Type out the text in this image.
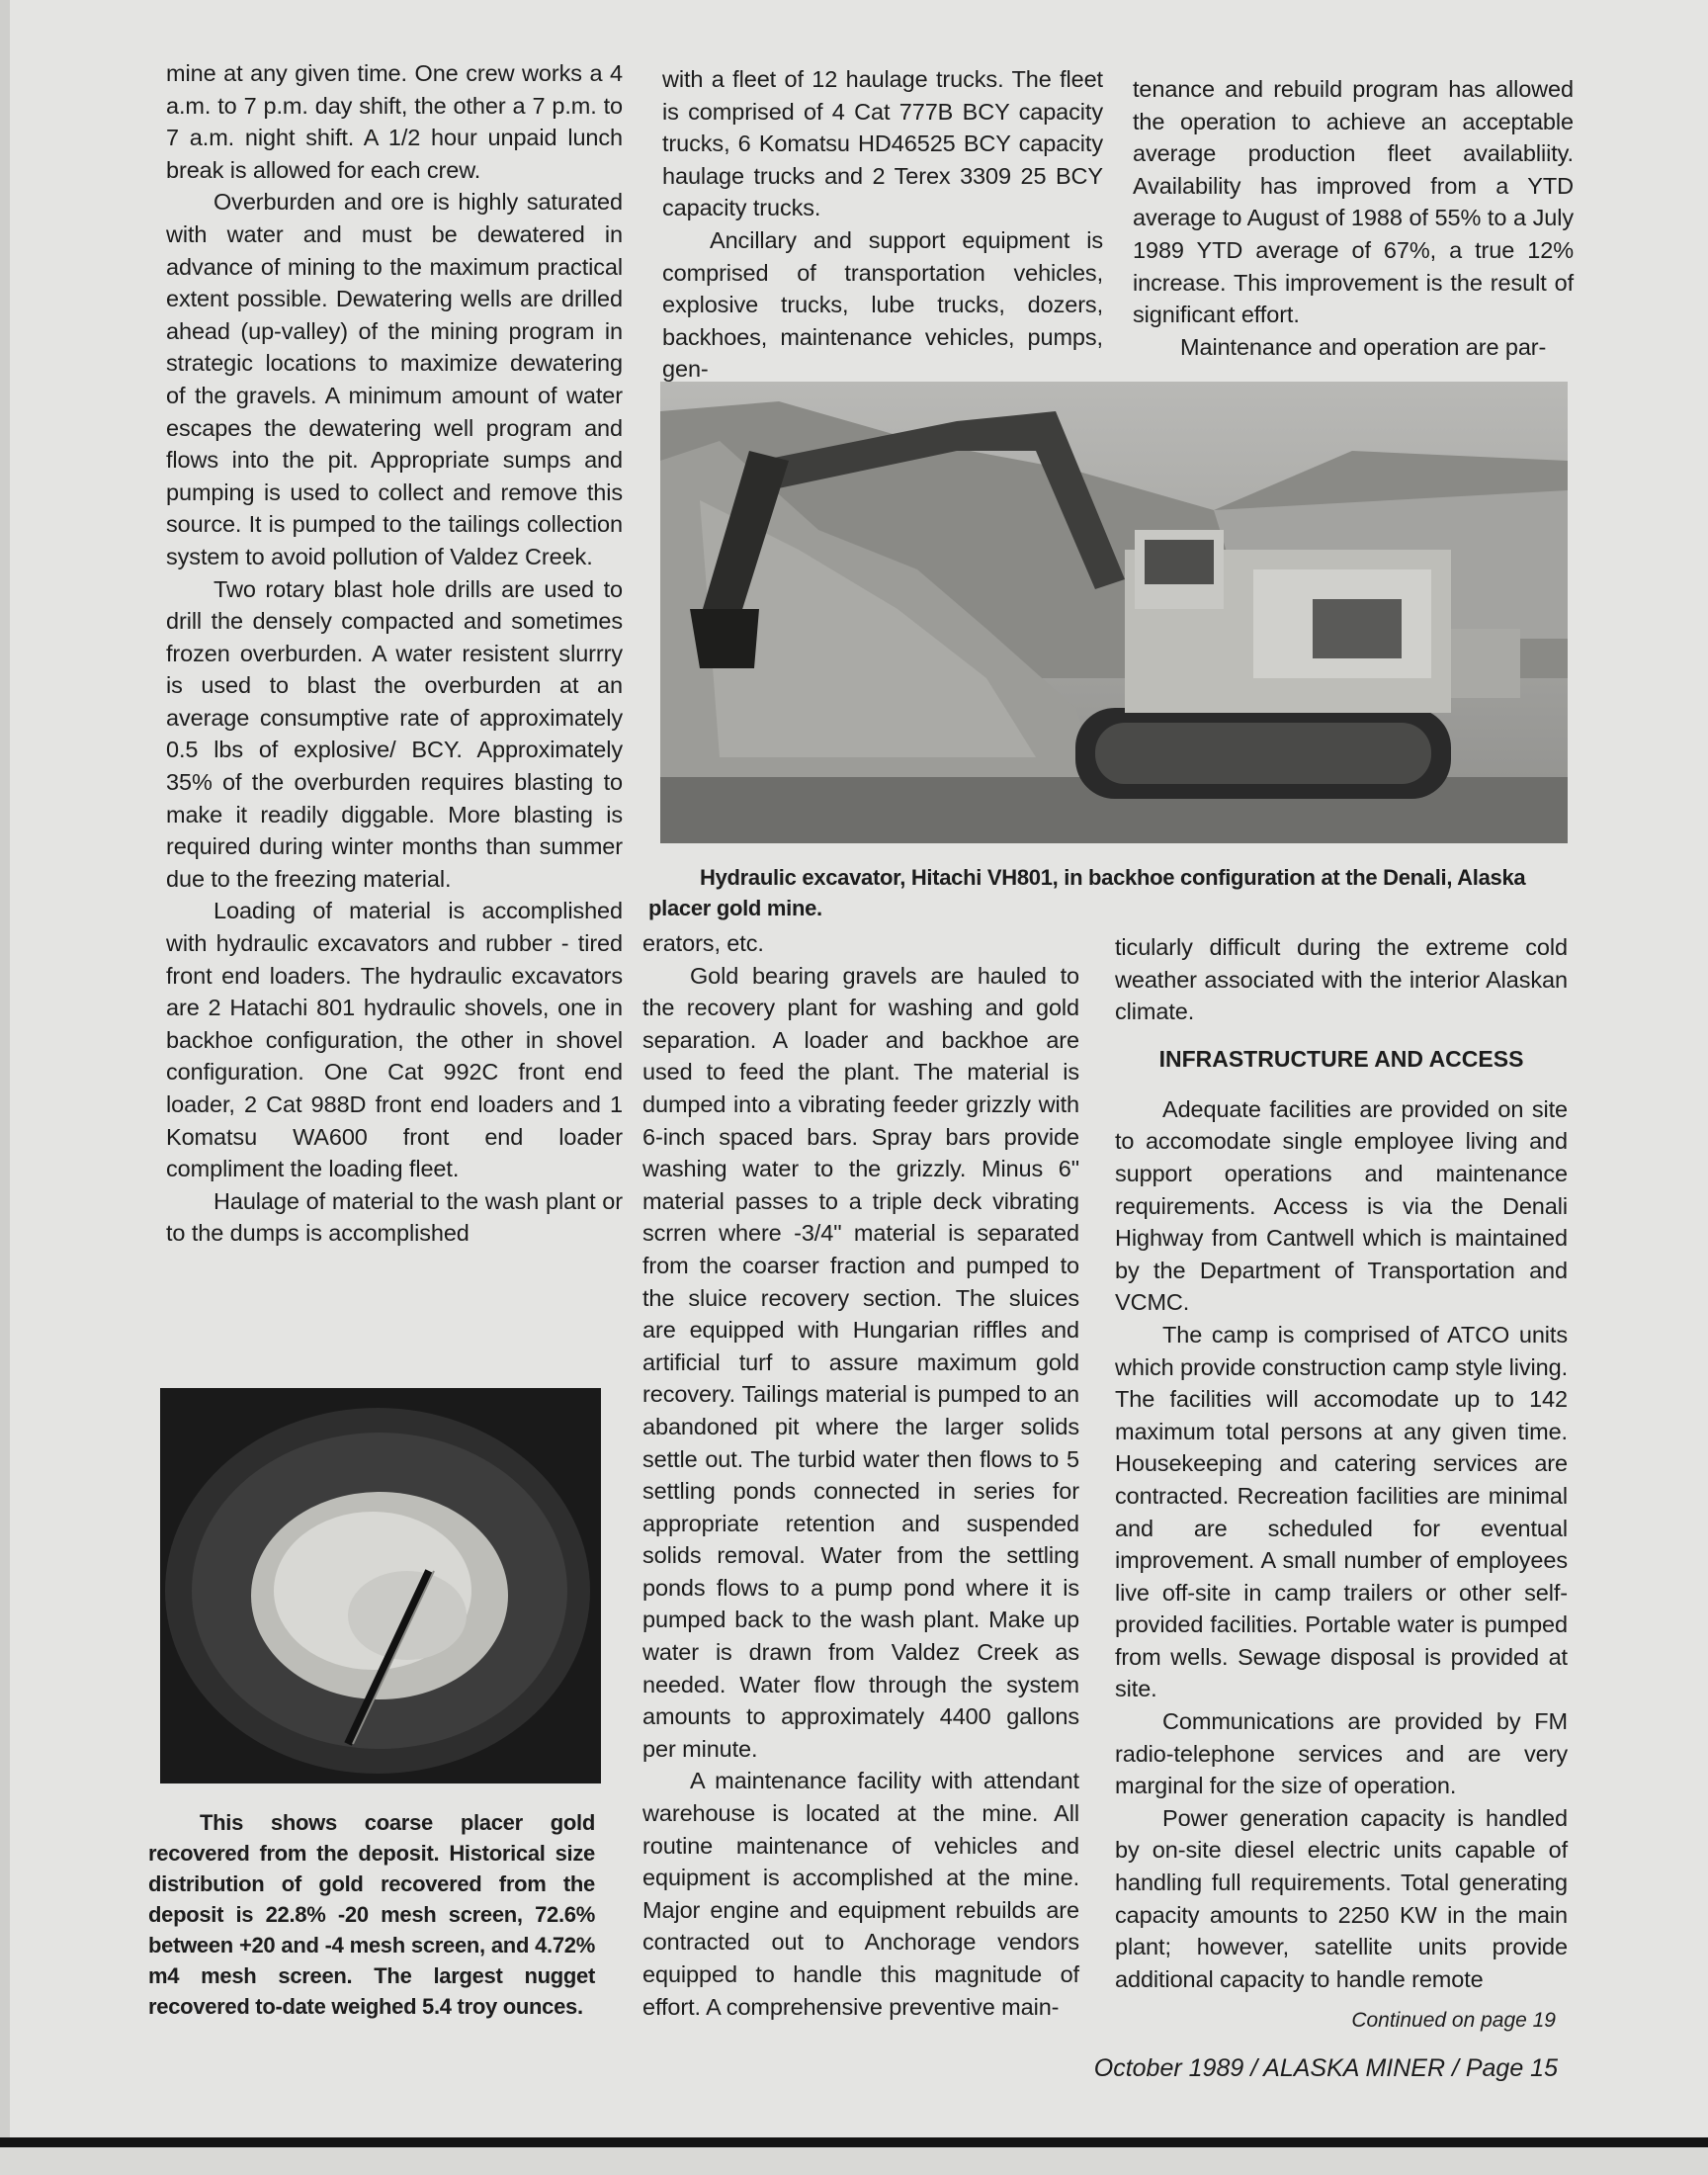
mine at any given time. One crew works a 4 a.m. to 7 p.m. day shift, the other a 7 p.m. to 7 a.m. night shift. A 1/2 hour unpaid lunch break is allowed for each crew.

Overburden and ore is highly saturated with water and must be dewatered in advance of mining to the maximum practical extent possible. Dewatering wells are drilled ahead (up-valley) of the mining program in strategic locations to maximize dewatering of the gravels. A minimum amount of water escapes the dewatering well program and flows into the pit. Appropriate sumps and pumping is used to collect and remove this source. It is pumped to the tailings collection system to avoid pollution of Valdez Creek.

Two rotary blast hole drills are used to drill the densely compacted and sometimes frozen overburden. A water resistent slurrry is used to blast the overburden at an average consumptive rate of approximately 0.5 lbs of explosive/ BCY. Approximately 35% of the overburden requires blasting to make it readily diggable. More blasting is required during winter months than summer due to the freezing material.

Loading of material is accomplished with hydraulic excavators and rubber - tired front end loaders. The hydraulic excavators are 2 Hatachi 801 hydraulic shovels, one in backhoe configuration, the other in shovel configuration. One Cat 992C front end loader, 2 Cat 988D front end loaders and 1 Komatsu WA600 front end loader compliment the loading fleet.

Haulage of material to the wash plant or to the dumps is accomplished

with a fleet of 12 haulage trucks. The fleet is comprised of 4 Cat 777B BCY capacity trucks, 6 Komatsu HD46525 BCY capacity haulage trucks and 2 Terex 3309 25 BCY capacity trucks.

Ancillary and support equipment is comprised of transportation vehicles, explosive trucks, lube trucks, dozers, backhoes, maintenance vehicles, pumps, gen-

tenance and rebuild program has allowed the operation to achieve an acceptable average production fleet availabliity. Availability has improved from a YTD average to August of 1988 of 55% to a July 1989 YTD average of 67%, a true 12% increase. This improvement is the result of significant effort.

Maintenance and operation are par-

Hydraulic excavator, Hitachi VH801, in backhoe configuration at the Denali, Alaska placer gold mine.

erators, etc.

Gold bearing gravels are hauled to the recovery plant for washing and gold separation. A loader and backhoe are used to feed the plant. The material is dumped into a vibrating feeder grizzly with 6-inch spaced bars. Spray bars provide washing water to the grizzly. Minus 6" material passes to a triple deck vibrating scrren where -3/4" material is separated from the coarser fraction and pumped to the sluice recovery section. The sluices are equipped with Hungarian riffles and artificial turf to assure maximum gold recovery. Tailings material is pumped to an abandoned pit where the larger solids settle out. The turbid water then flows to 5 settling ponds connected in series for appropriate retention and suspended solids removal. Water from the settling ponds flows to a pump pond where it is pumped back to the wash plant. Make up water is drawn from Valdez Creek as needed. Water flow through the system amounts to approximately 4400 gallons per minute.

A maintenance facility with attendant warehouse is located at the mine. All routine maintenance of vehicles and equipment is accomplished at the mine. Major engine and equipment rebuilds are contracted out to Anchorage vendors equipped to handle this magnitude of effort. A comprehensive preventive main-

ticularly difficult during the extreme cold weather associated with the interior Alaskan climate.

Adequate facilities are provided on site to accomodate single employee living and support operations and maintenance requirements. Access is via the Denali Highway from Cantwell which is maintained by the Department of Transportation and VCMC.

The camp is comprised of ATCO units which provide construction camp style living. The facilities will accomodate up to 142 maximum total persons at any given time. Housekeeping and catering services are contracted. Recreation facilities are minimal and are scheduled for eventual improvement. A small number of employees live off-site in camp trailers or other self-provided facilities. Portable water is pumped from wells. Sewage disposal is provided at site.

Communications are provided by FM radio-telephone services and are very marginal for the size of operation.

Power generation capacity is handled by on-site diesel electric units capable of handling full requirements. Total generating capacity amounts to 2250 KW in the main plant; however, satellite units provide additional capacity to handle remote

INFRASTRUCTURE AND ACCESS
Continued on page 19
This shows coarse placer gold recovered from the deposit. Historical size distribution of gold recovered from the deposit is 22.8% -20 mesh screen, 72.6% between +20 and -4 mesh screen, and 4.72% m4 mesh screen. The largest nugget recovered to-date weighed 5.4 troy ounces.
October 1989 / ALASKA MINER / Page 15
